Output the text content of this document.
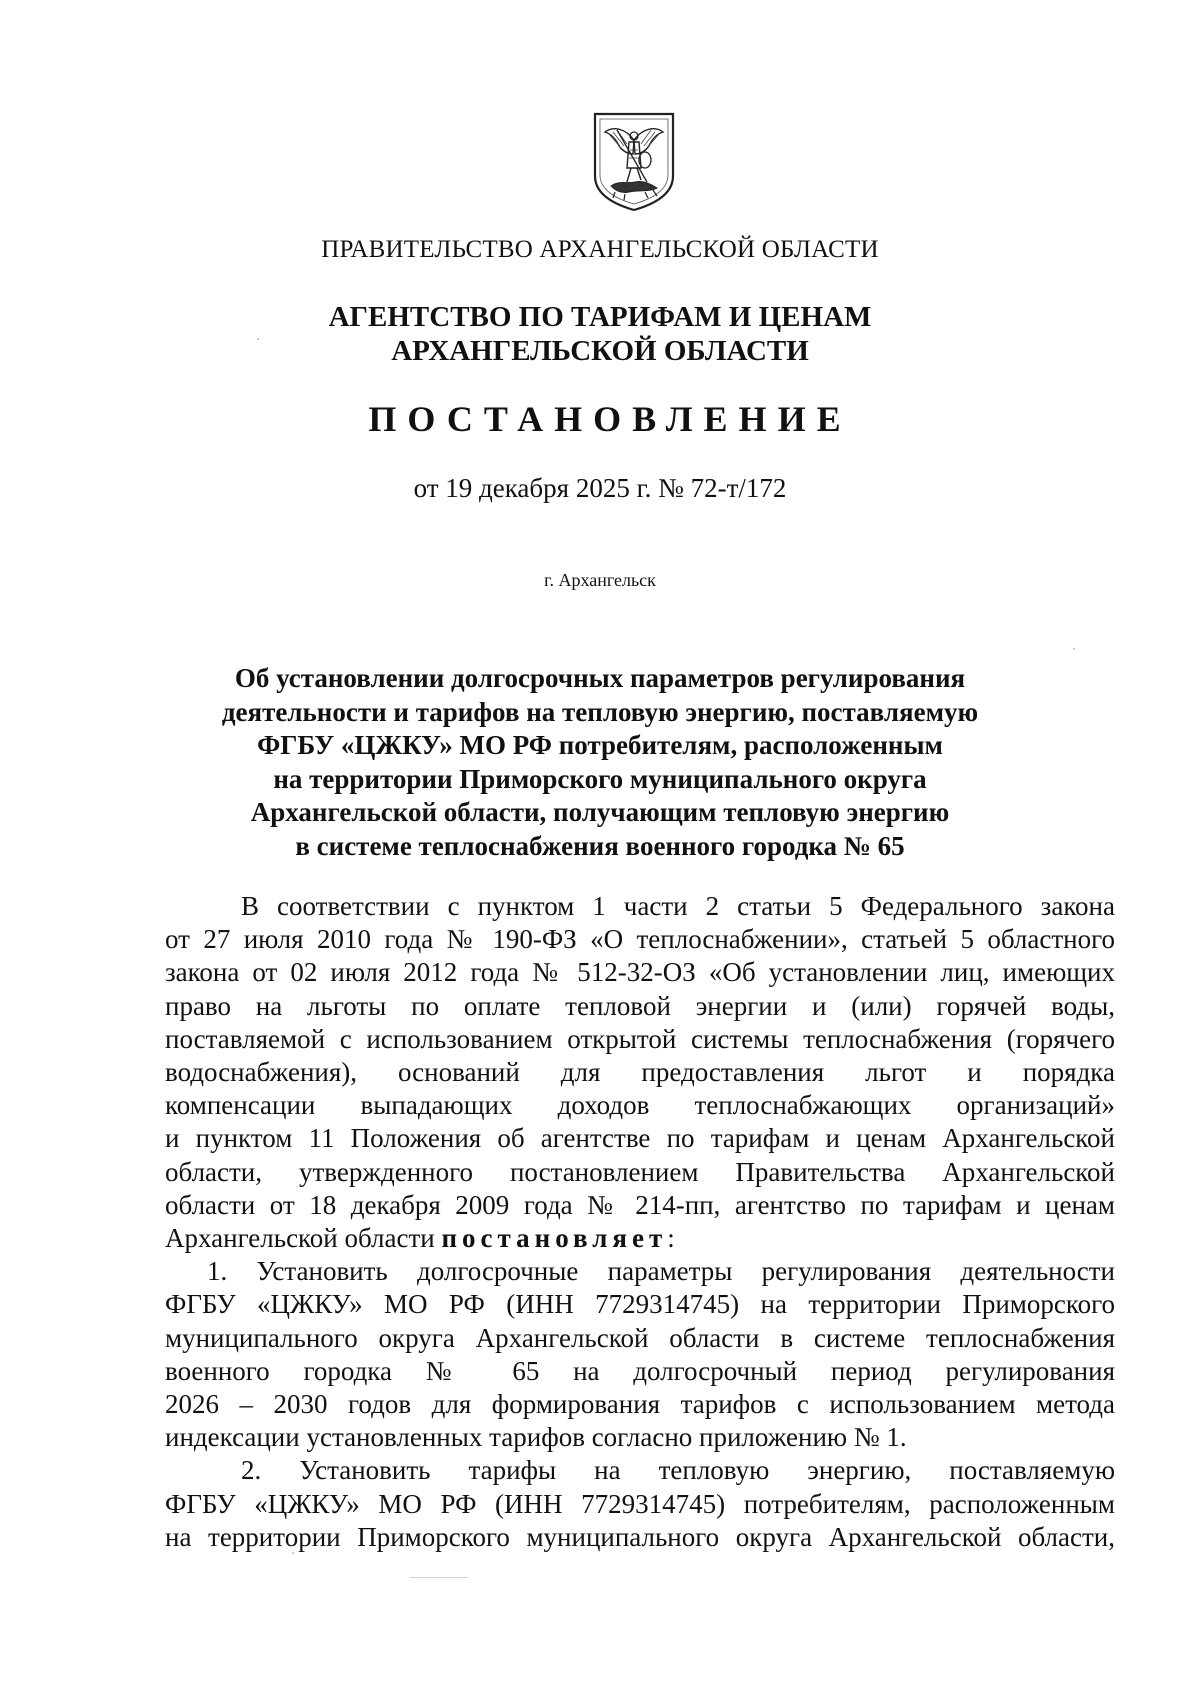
ПРАВИТЕЛЬСТВО АРХАНГЕЛЬСКОЙ ОБЛАСТИ
АГЕНТСТВО ПО ТАРИФАМ И ЦЕНАМ
АРХАНГЕЛЬСКОЙ ОБЛАСТИ
ПОСТАНОВЛЕНИЕ
от 19 декабря 2025 г. № 72-т/172
г. Архангельск
Об установлении долгосрочных параметров регулирования
деятельности и тарифов на тепловую энергию, поставляемую
ФГБУ «ЦЖКУ» МО РФ потребителям, расположенным
на территории Приморского муниципального округа
Архангельской области, получающим тепловую энергию
в системе теплоснабжения военного городка № 65
В соответствии с пунктом 1 части 2 статьи 5 Федерального закона
от 27 июля 2010 года № 190-ФЗ «О теплоснабжении», статьей 5 областного
закона от 02 июля 2012 года № 512-32-ОЗ «Об установлении лиц, имеющих
право на льготы по оплате тепловой энергии и (или) горячей воды,
поставляемой с использованием открытой системы теплоснабжения (горячего
водоснабжения), оснований для предоставления льгот и порядка
компенсации выпадающих доходов теплоснабжающих организаций»
и пунктом 11 Положения об агентстве по тарифам и ценам Архангельской
области, утвержденного постановлением Правительства Архангельской
области от 18 декабря 2009 года № 214-пп, агентство по тарифам и ценам
Архангельской области постановляет:
1. Установить долгосрочные параметры регулирования деятельности
ФГБУ «ЦЖКУ» МО РФ (ИНН 7729314745) на территории Приморского
муниципального округа Архангельской области в системе теплоснабжения
военного городка № 65 на долгосрочный период регулирования
2026 – 2030 годов для формирования тарифов с использованием метода
индексации установленных тарифов согласно приложению № 1.
2. Установить тарифы на тепловую энергию, поставляемую
ФГБУ «ЦЖКУ» МО РФ (ИНН 7729314745) потребителям, расположенным
на территории Приморского муниципального округа Архангельской области,
